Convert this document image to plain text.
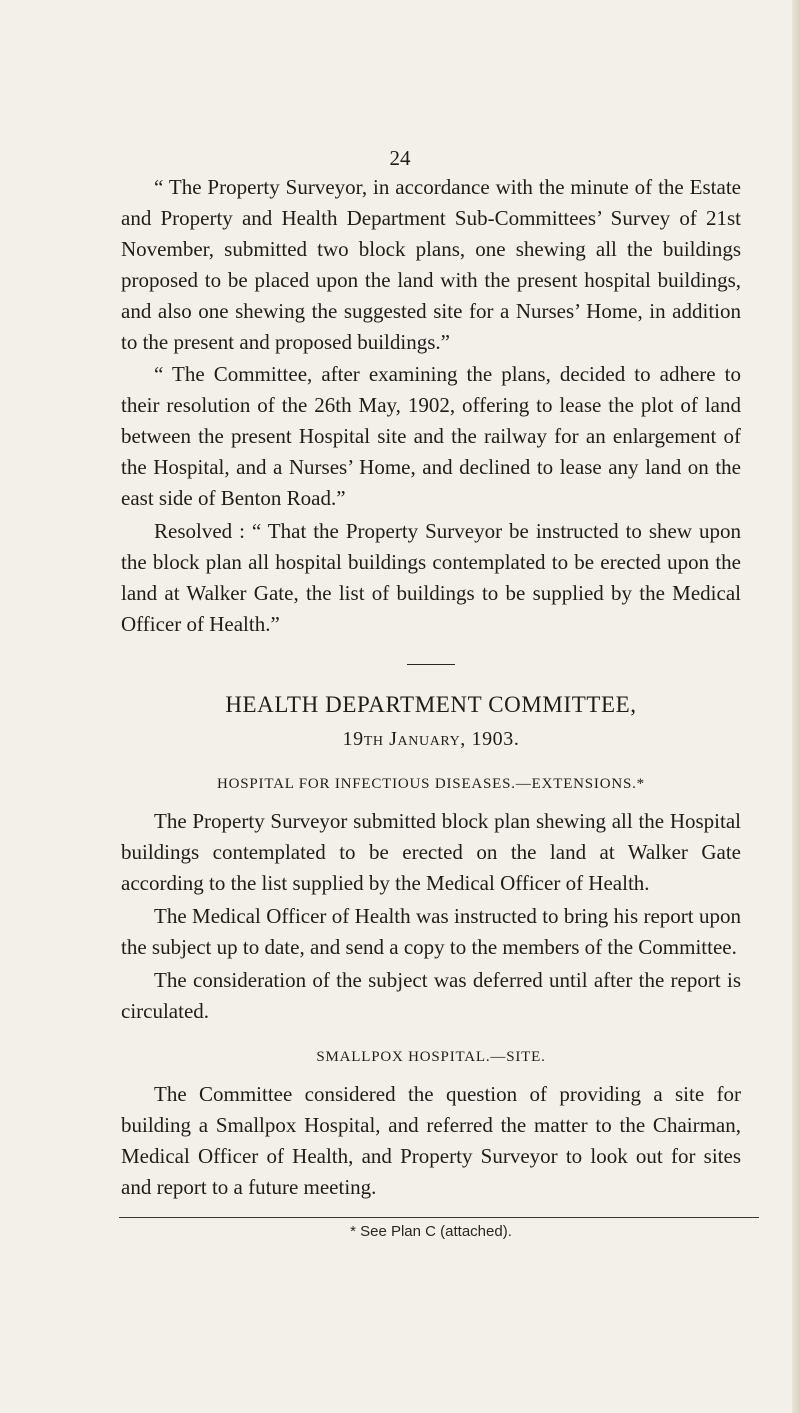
24

“ The Property Surveyor, in accordance with the minute of the Estate and Property and Health Department Sub-Committees’ Survey of 21st November, submitted two block plans, one shewing all the buildings proposed to be placed upon the land with the present hospital buildings, and also one shewing the suggested site for a Nurses’ Home, in addition to the present and proposed buildings.”

“ The Committee, after examining the plans, decided to adhere to their resolution of the 26th May, 1902, offering to lease the plot of land between the present Hospital site and the railway for an enlargement of the Hospital, and a Nurses’ Home, and declined to lease any land on the east side of Benton Road.”

Resolved : “ That the Property Surveyor be instructed to shew upon the block plan all hospital buildings contemplated to be erected upon the land at Walker Gate, the list of buildings to be supplied by the Medical Officer of Health.”

HEALTH DEPARTMENT COMMITTEE,
19th January, 1903.
HOSPITAL FOR INFECTIOUS DISEASES.—EXTENSIONS.*

The Property Surveyor submitted block plan shewing all the Hospital buildings contemplated to be erected on the land at Walker Gate according to the list supplied by the Medical Officer of Health.

The Medical Officer of Health was instructed to bring his report upon the subject up to date, and send a copy to the members of the Committee.

The consideration of the subject was deferred until after the report is circulated.

SMALLPOX HOSPITAL.—SITE.

The Committee considered the question of providing a site for building a Smallpox Hospital, and referred the matter to the Chairman, Medical Officer of Health, and Property Surveyor to look out for sites and report to a future meeting.

* See Plan C (attached).
